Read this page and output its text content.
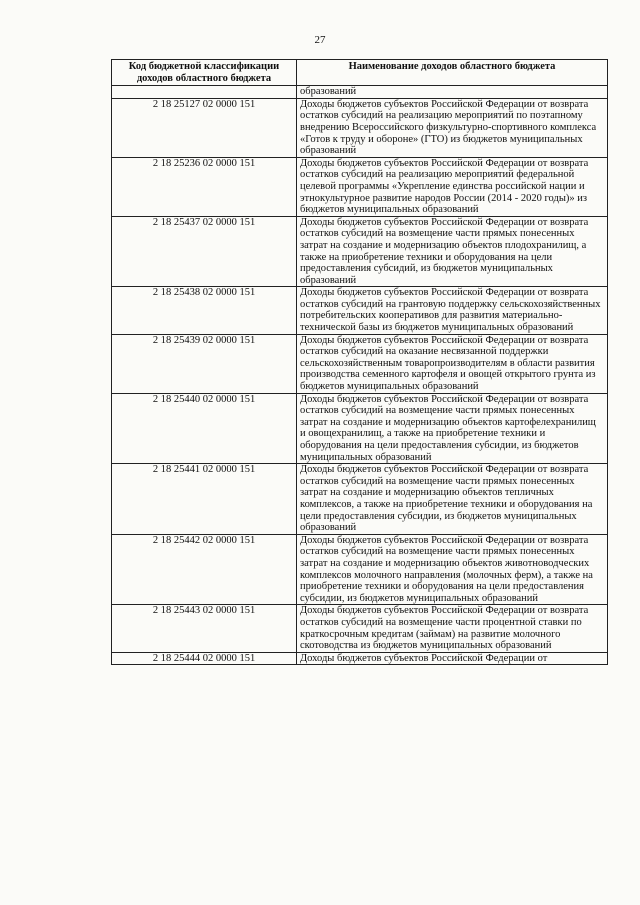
27
Код бюджетной классификации доходов областного бюджета	Наименование доходов областного бюджета
	образований
2 18 25127 02 0000 151	Доходы бюджетов субъектов Российской Федерации от возврата остатков субсидий на реализацию мероприятий по поэтапному внедрению Всероссийского физкультурно-спортивного комплекса «Готов к труду и обороне» (ГТО) из бюджетов муниципальных образований
2 18 25236 02 0000 151	Доходы бюджетов субъектов Российской Федерации от возврата остатков субсидий на реализацию мероприятий федеральной целевой программы «Укрепление единства российской нации и этнокультурное развитие народов России (2014 - 2020 годы)» из бюджетов муниципальных образований
2 18 25437 02 0000 151	Доходы бюджетов субъектов Российской Федерации от возврата остатков субсидий на возмещение части прямых понесенных затрат на создание и модернизацию объектов плодохранилищ, а также на приобретение техники и оборудования на цели предоставления субсидий, из бюджетов муниципальных образований
2 18 25438 02 0000 151	Доходы бюджетов субъектов Российской Федерации от возврата остатков субсидий на грантовую поддержку сельскохозяйственных потребительских кооперативов для развития материально-технической базы из бюджетов муниципальных образований
2 18 25439 02 0000 151	Доходы бюджетов субъектов Российской Федерации от возврата остатков субсидий на оказание несвязанной поддержки сельскохозяйственным товаропроизводителям в области развития производства семенного картофеля и овощей открытого грунта из бюджетов муниципальных образований
2 18 25440 02 0000 151	Доходы бюджетов субъектов Российской Федерации от возврата остатков субсидий на возмещение части прямых понесенных затрат на создание и модернизацию объектов картофелехранилищ и овощехранилищ, а также на приобретение техники и оборудования на цели предоставления субсидии, из бюджетов муниципальных образований
2 18 25441 02 0000 151	Доходы бюджетов субъектов Российской Федерации от возврата остатков субсидий на возмещение части прямых понесенных затрат на создание и модернизацию объектов тепличных комплексов, а также на приобретение техники и оборудования на цели предоставления субсидии, из бюджетов муниципальных образований
2 18 25442 02 0000 151	Доходы бюджетов субъектов Российской Федерации от возврата остатков субсидий на возмещение части прямых понесенных затрат на создание и модернизацию объектов животноводческих комплексов молочного направления (молочных ферм), а также на приобретение техники и оборудования на цели предоставления субсидии, из бюджетов муниципальных образований
2 18 25443 02 0000 151	Доходы бюджетов субъектов Российской Федерации от возврата остатков субсидий на возмещение части процентной ставки по краткосрочным кредитам (займам) на развитие молочного скотоводства из бюджетов муниципальных образований
2 18 25444 02 0000 151	Доходы бюджетов субъектов Российской Федерации от
